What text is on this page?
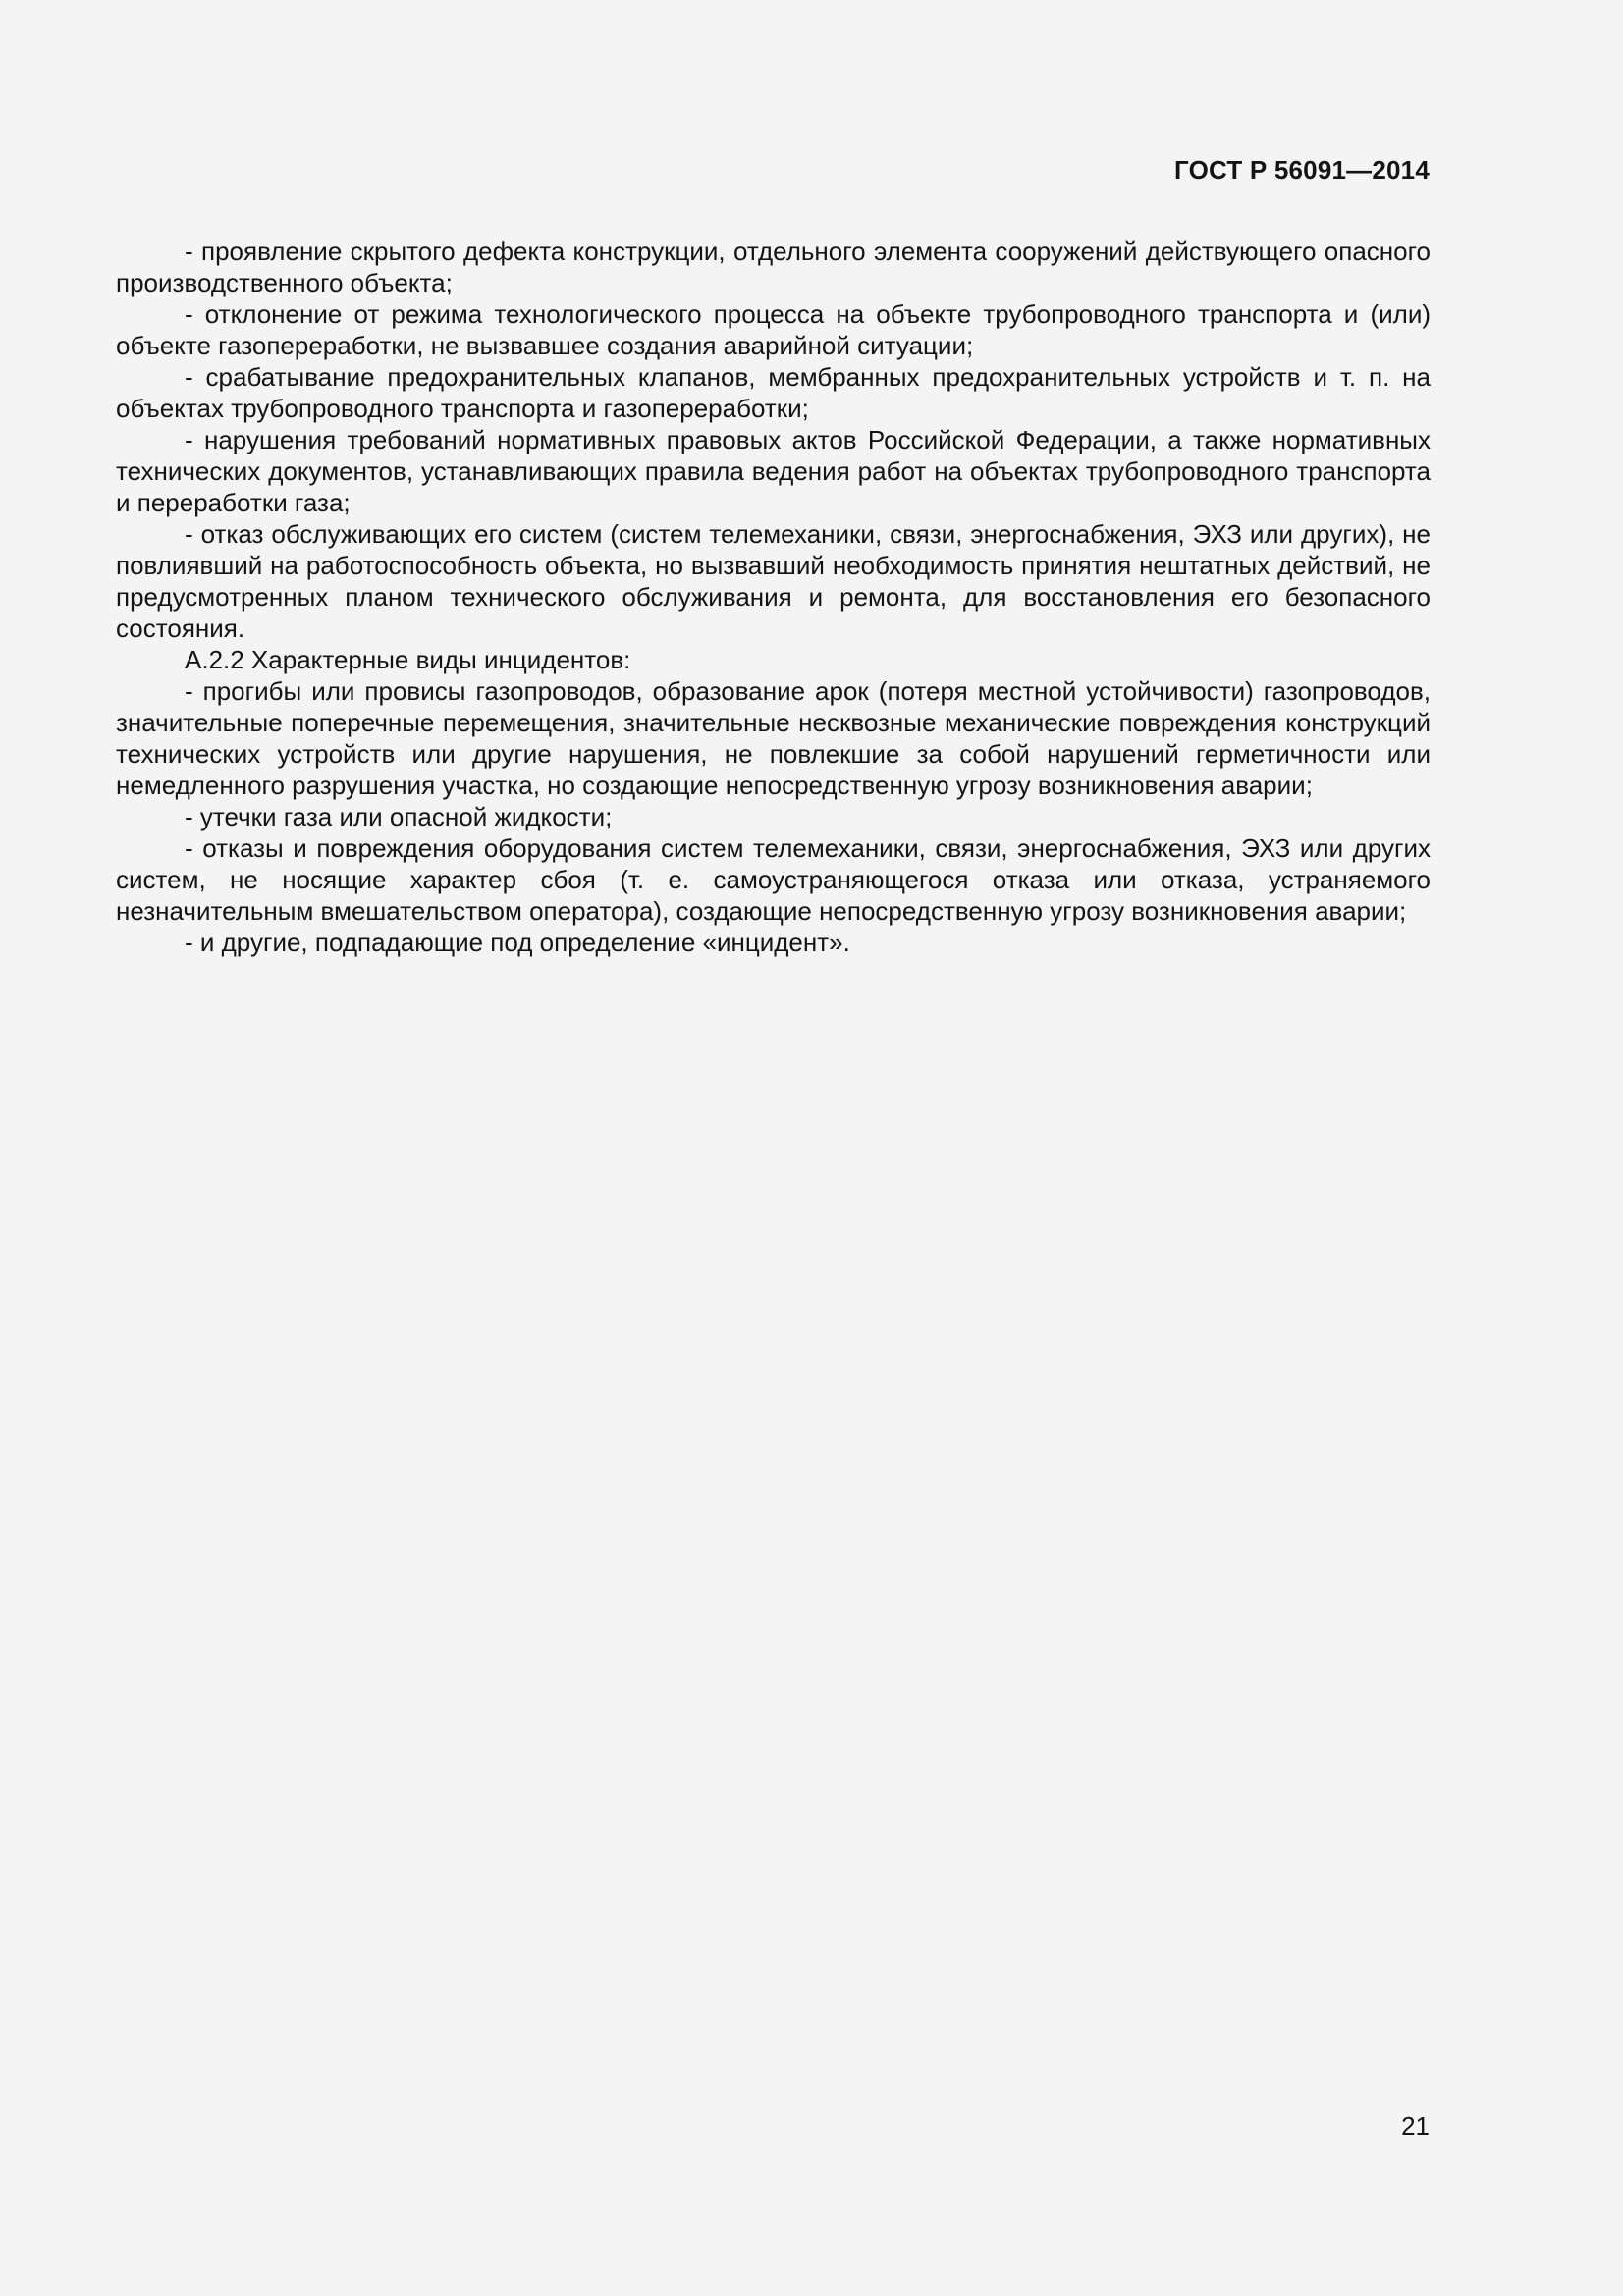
ГОСТ Р 56091—2014

- проявление скрытого дефекта конструкции, отдельного элемента сооружений действующего опасного производственного объекта;

- отклонение от режима технологического процесса на объекте трубопроводного транспорта и (или) объекте газопереработки, не вызвавшее создания аварийной ситуации;

- срабатывание предохранительных клапанов, мембранных предохранительных устройств и т. п. на объектах трубопроводного транспорта и газопереработки;

- нарушения требований нормативных правовых актов Российской Федерации, а также нормативных технических документов, устанавливающих правила ведения работ на объектах трубопроводного транспорта и переработки газа;

- отказ обслуживающих его систем (систем телемеханики, связи, энергоснабжения, ЭХЗ или других), не повлиявший на работоспособность объекта, но вызвавший необходимость принятия нештатных действий, не предусмотренных планом технического обслуживания и ремонта, для восстановления его безопасного состояния.

А.2.2 Характерные виды инцидентов:

- прогибы или провисы газопроводов, образование арок (потеря местной устойчивости) газопроводов, значительные поперечные перемещения, значительные несквозные механические повреждения конструкций технических устройств или другие нарушения, не повлекшие за собой нарушений герметичности или немедленного разрушения участка, но создающие непосредственную угрозу возникновения аварии;

- утечки газа или опасной жидкости;

- отказы и повреждения оборудования систем телемеханики, связи, энергоснабжения, ЭХЗ или других систем, не носящие характер сбоя (т. е. самоустраняющегося отказа или отказа, устраняемого незначительным вмешательством оператора), создающие непосредственную угрозу возникновения аварии;

- и другие, подпадающие под определение «инцидент».

21
